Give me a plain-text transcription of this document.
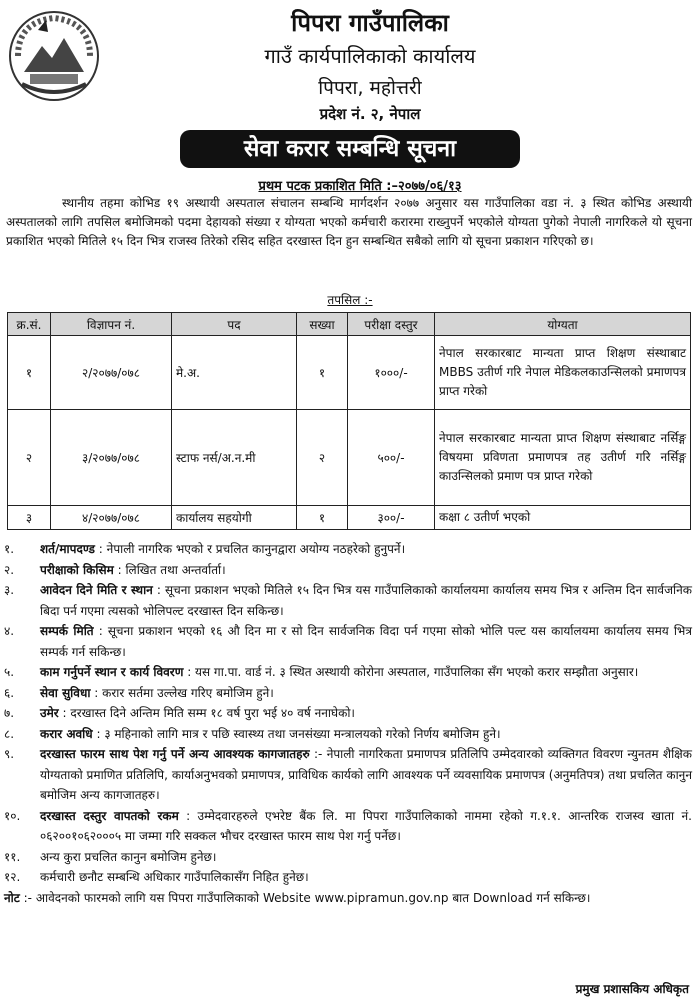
पिपरा गाउँपालिका
गाउँ कार्यपालिकाको कार्यालय
पिपरा, महोत्तरी
प्रदेश नं. २, नेपाल
सेवा करार सम्बन्धि सूचना
प्रथम पटक प्रकाशित मिति :–२०७७/०६/१३
स्थानीय तहमा कोभिड १९ अस्थायी अस्पताल संचालन सम्बन्धि मार्गदर्शन २०७७ अनुसार यस गाउँपालिका वडा नं. ३ स्थित कोभिड अस्थायी अस्पतालको लागि तपसिल बमोजिमको पदमा देहायको संख्या र योग्यता भएको कर्मचारी करारमा राख्नुपर्ने भएकोले योग्यता पुगेको नेपाली नागरिकले यो सूचना प्रकाशित भएको मितिले १५ दिन भित्र राजस्व तिरेको रसिद सहित दरखास्त दिन हुन सम्बन्धित सबैको लागि यो सूचना प्रकाशन गरिएको छ।
तपसिल :-
क्र.सं.	विज्ञापन नं.	पद	सख्या	परीक्षा दस्तुर	योग्यता
१	२/२०७७/०७८	मे.अ.	१	१०००/-	नेपाल सरकारबाट मान्यता प्राप्त शिक्षण संस्थाबाट MBBS उतीर्ण गरि नेपाल मेडिकलकाउन्सिलको प्रमाणपत्र प्राप्त गरेको
२	३/२०७७/०७८	स्टाफ नर्स/अ.न.मी	२	५००/-	नेपाल सरकारबाट मान्यता प्राप्त शिक्षण संस्थाबाट नर्सिङ्ग विषयमा प्रविणता प्रमाणपत्र तह उतीर्ण गरि नर्सिङ्ग काउन्सिलको प्रमाण पत्र प्राप्त गरेको
३	४/२०७७/०७८	कार्यालय सहयोगी	१	३००/-	कक्षा ८ उतीर्ण भएको
१.	शर्त/मापदण्ड : नेपाली नागरिक भएको र प्रचलित कानुनद्वारा अयोग्य नठहरेको हुनुपर्ने।
२.	परीक्षाको किसिम : लिखित तथा अन्तर्वार्ता।
३.	आवेदन दिने मिति र स्थान : सूचना प्रकाशन भएको मितिले १५ दिन भित्र यस गाउँपालिकाको कार्यालयमा कार्यालय समय भित्र र अन्तिम दिन सार्वजनिक बिदा पर्न गएमा त्यसको भोलिपल्ट दरखास्त दिन सकिन्छ।
४.	सम्पर्क मिति : सूचना प्रकाशन भएको १६ औ दिन मा र सो दिन सार्वजनिक विदा पर्न गएमा सोको भोलि पल्ट यस कार्यालयमा कार्यालय समय भित्र सम्पर्क गर्न सकिन्छ।
५.	काम गर्नुपर्ने स्थान र कार्य विवरण : यस गा.पा. वार्ड नं. ३ स्थित अस्थायी कोरोना अस्पताल, गाउँपालिका सँग भएको करार सम्झौता अनुसार।
६.	सेवा सुविधा : करार सर्तमा उल्लेख गरिए बमोजिम हुने।
७.	उमेर : दरखास्त दिने अन्तिम मिति सम्म १८ वर्ष पुरा भई ४० वर्ष ननाघेको।
८.	करार अवधि : ३ महिनाको लागि मात्र र पछि स्वास्थ्य तथा जनसंख्या मन्त्रालयको गरेको निर्णय बमोजिम हुने।
९.	दरखास्त फारम साथ पेश गर्नु पर्ने अन्य आवश्यक कागजातहरु :- नेपाली नागरिकता प्रमाणपत्र प्रतिलिपि उम्मेदवारको व्यक्तिगत विवरण न्युनतम शैक्षिक योग्यताको प्रमाणित प्रतिलिपि, कार्याअनुभवको प्रमाणपत्र, प्राविधिक कार्यको लागि आवश्यक पर्ने व्यवसायिक प्रमाणपत्र (अनुमतिपत्र) तथा प्रचलित कानुन बमोजिम अन्य कागजातहरु।
१०.	दरखास्त दस्तुर वापतको रकम : उम्मेदवारहरुले एभरेष्ट बैंक लि. मा पिपरा गाउँपालिकाको नाममा रहेको ग.१.१. आन्तरिक राजस्व खाता नं. ०६२००१०६२०००५ मा जम्मा गरि सक्कल भौचर दरखास्त फारम साथ पेश गर्नु पर्नेछ।
११.	अन्य कुरा प्रचलित कानुन बमोजिम हुनेछ।
१२.	कर्मचारी छनौट सम्बन्धि अधिकार गाउँपालिकासँग निहित हुनेछ।
नोट :- आवेदनको फारमको लागि यस पिपरा गाउँपालिकाको Website www.pipramun.gov.np बात Download गर्न सकिन्छ।
प्रमुख प्रशासकिय अधिकृत
